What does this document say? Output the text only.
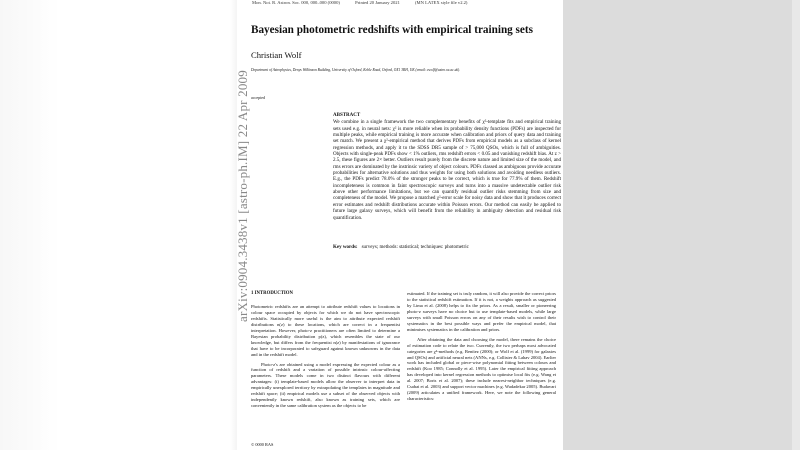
Mon. Not. R. Astron. Soc. 000, 000–000 (0000)	Printed 20 January 2021	(MN LATEX style file v2.2)
Bayesian photometric redshifts with empirical training sets
Christian Wolf
Department of Astrophysics, Denys Wilkinson Building, University of Oxford, Keble Road, Oxford, OX1 3RH, UK (email: cwolf@astro.ox.ac.uk).
accepted
arXiv:0904.3438v1 [astro-ph.IM] 22 Apr 2009	ABSTRACT

We combine in a single framework the two complementary benefits of χ²-template fits and empirical training sets used e.g. in neural nets: χ² is more reliable when its probability density functions (PDFs) are inspected for multiple peaks, while empirical training is more accurate when calibration and priors of query data and training set match. We present a χ²-empirical method that derives PDFs from empirical models as a subclass of kernel regression methods, and apply it to the SDSS DR5 sample of > 75,000 QSOs, which is full of ambiguities. Objects with single-peak PDFs show < 1% outliers, rms redshift errors < 0.05 and vanishing redshift bias. At z > 2.5, these figures are 2× better. Outliers result purely from the discrete nature and limited size of the model, and rms errors are dominated by the instrinsic variety of object colours. PDFs classed as ambiguous provide accurate probabilities for alternative solutions and thus weights for using both solutions and avoiding needless outliers. E.g., the PDFs predict 78.0% of the stronger peaks to be correct, which is true for 77.9% of them. Redshift incompleteness is common in faint spectroscopic surveys and turns into a massive undetectable outlier risk above other performance limitations, but we can quantify residual outlier risks stemming from size and completeness of the model. We propose a matched χ²-error scale for noisy data and show that it produces correct error estimates and redshift distributions accurate within Poisson errors. Our method can easily be applied to future large galaxy surveys, which will benefit from the reliability in ambiguity detection and residual risk quantification.

Key words: surveys; methods: statistical; techniques: photometric
1 INTRODUCTION

Photometric redshifts are an attempt to attribute redshift values to locations in colour space occupied by objects for which we do not have spectroscopic redshifts. Statistically more useful is the aim to attribute expected redshift distributions n(z) to these locations, which are correct in a frequentist interpretation. However, photo-z practitioners are often limited to determine a Bayesian probability distribution p(z), which resembles the state of our knowledge, but differs from the frequentist n(z) by manifestations of ignorance that have to be incorporated to safeguard against known unknowns in the data and in the redshift model.

Photo-z's are obtained using a model expressing the expected colour as a function of redshift and a variation of possible intrinsic colour-affecting parameters. These models come in two distinct flavours with different advantages: (i) template-based models allow the observer to interpret data in empirically unexplored territory by extrapolating the templates in magnitude and redshift space; (ii) empirical models use a subset of the observed objects with independently known redshift, also known as training sets, which are conveniently in the same calibration system as the objects to be

estimated. If the training set is truly random, it will also provide the correct priors to the statistical redshift estimation. If it is not, a weights approach as suggested by Lima et al. (2008) helps to fix the priors. As a result, smaller or pioneering photo-z surveys have no choice but to use template-based models, while large surveys with small Poisson errors on any of their results wish to control their systematics in the best possible ways and prefer the empirical model, that minimises systematics in the calibration and priors.

After obtaining the data and choosing the model, there remains the choice of estimation code to relate the two. Currently, the two perhaps most advocated categories are χ²-methods (e.g. Benítez (2000); or Wolf et al. (1999) for galaxies and QSOs) and artificial neural nets (ANNs, e.g. Collister & Lahav 2004). Earlier work has included global or piece-wise polynomial fitting between colours and redshift (Koo 1985; Connolly et al. 1995). Later the empirical fitting approach has developed into kernel regression methods to optimise local fits (e.g. Wang et al. 2007; Boris et al. 2007); these include nearest-neighbor techniques (e.g. Csabai et al. 2003) and support vector machines (e.g. Wadadekar 2005). Budavari (2009) articulates a unified framework. Here, we note the following general characteristics:

© 0000 RAS
